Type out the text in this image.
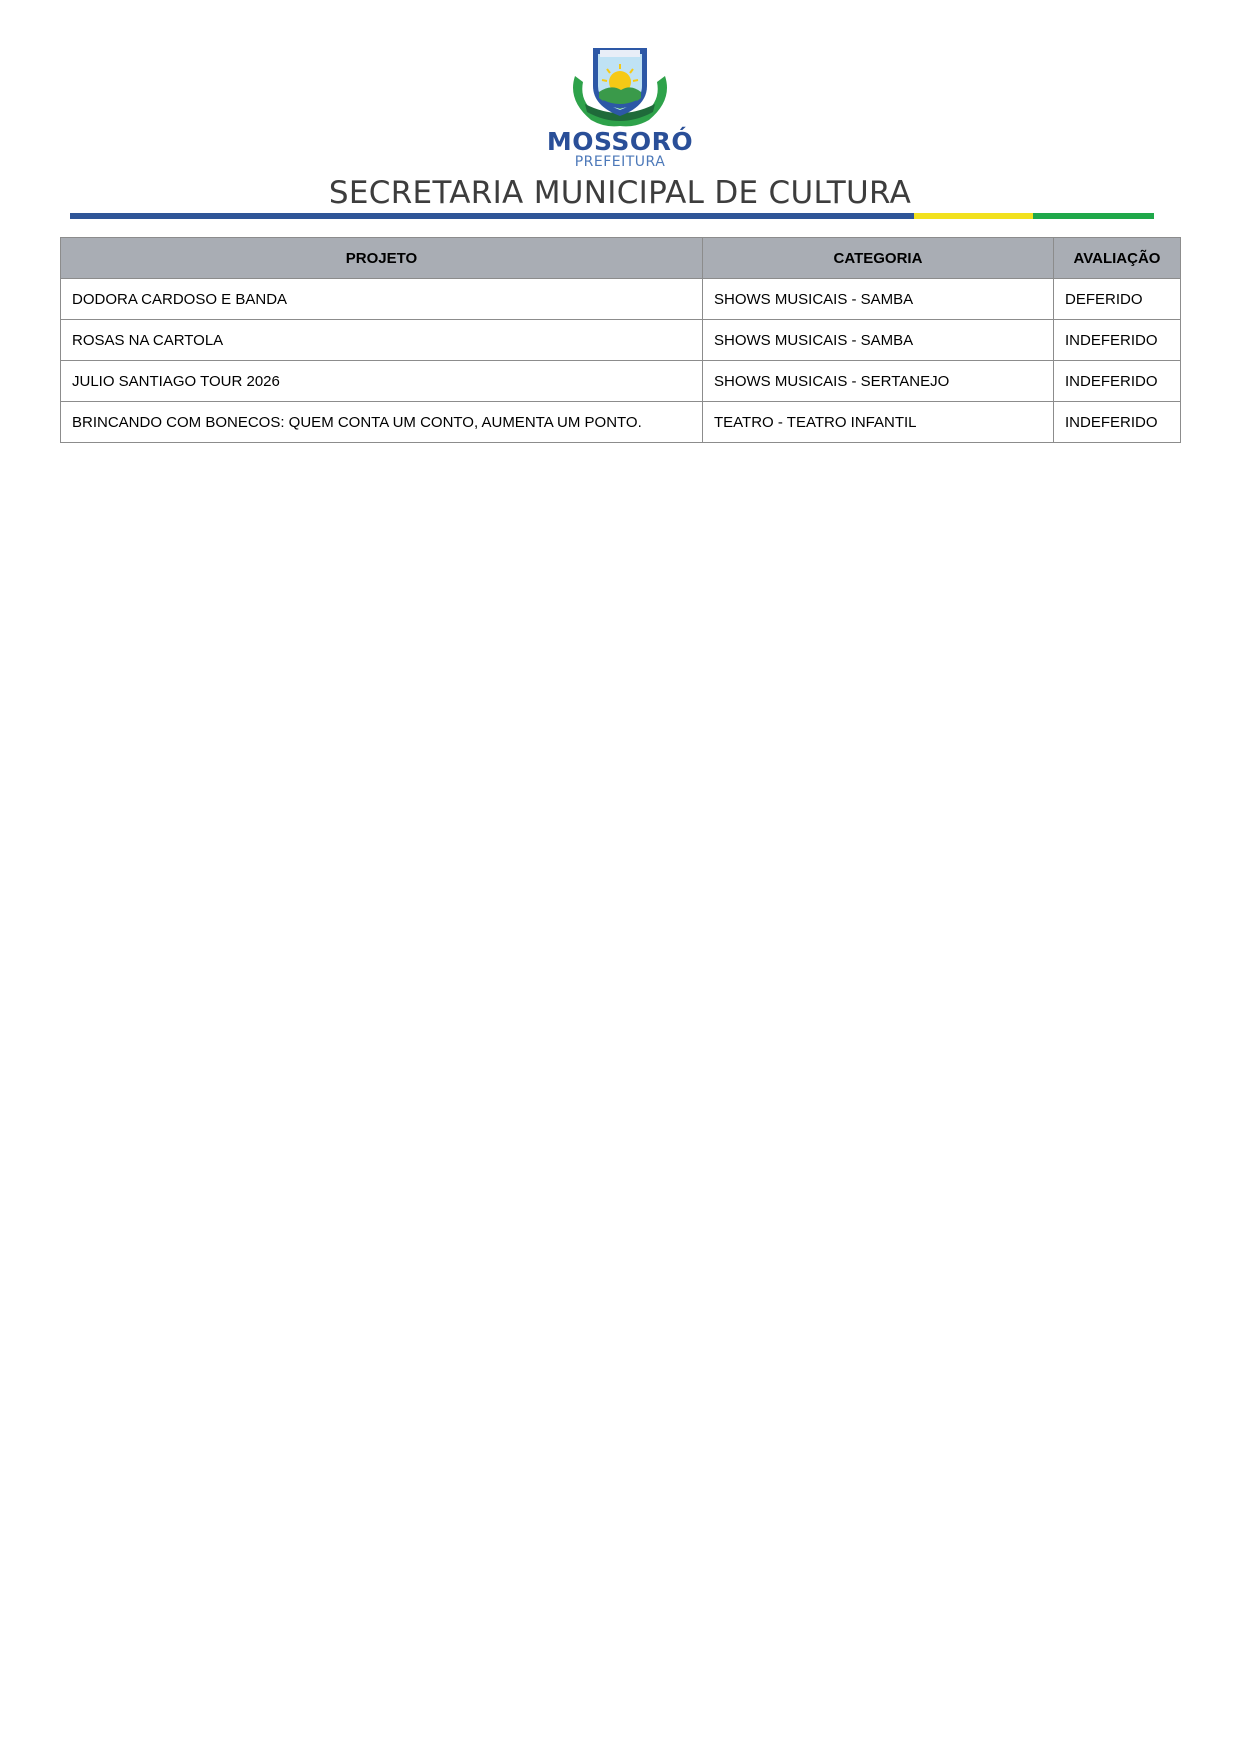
MOSSORÓ
PREFEITURA
SECRETARIA MUNICIPAL DE CULTURA
PROJETO	CATEGORIA	AVALIAÇÃO
DODORA CARDOSO E BANDA	SHOWS MUSICAIS - SAMBA	DEFERIDO
ROSAS NA CARTOLA	SHOWS MUSICAIS - SAMBA	INDEFERIDO
JULIO SANTIAGO TOUR 2026	SHOWS MUSICAIS - SERTANEJO	INDEFERIDO
BRINCANDO COM BONECOS: QUEM CONTA UM CONTO, AUMENTA UM PONTO.	TEATRO - TEATRO INFANTIL	INDEFERIDO
